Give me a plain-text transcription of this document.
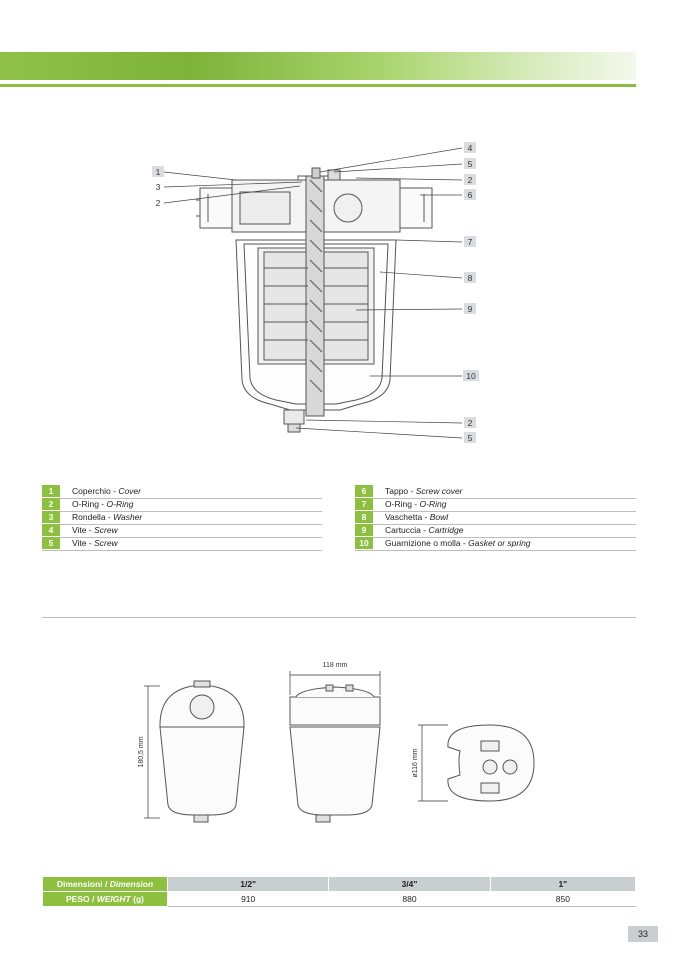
1
3
2
4
5
2
6
7
8
9
10
2
5
1	Coperchio - Cover
2	O-Ring - O-Ring
3	Rondella - Washer
4	Vite - Screw
5	Vite - Screw
6	Tappo - Screw cover
7	O-Ring - O-Ring
8	Vaschetta - Bowl
9	Cartuccia - Cartridge
10	Guarnizione o molla - Gasket or spring
180,5 mm
118 mm
ø116 mm
Dimensioni / Dimension	1/2"	3/4"	1"
PESO / WEIGHT (g)	910	880	850
33
